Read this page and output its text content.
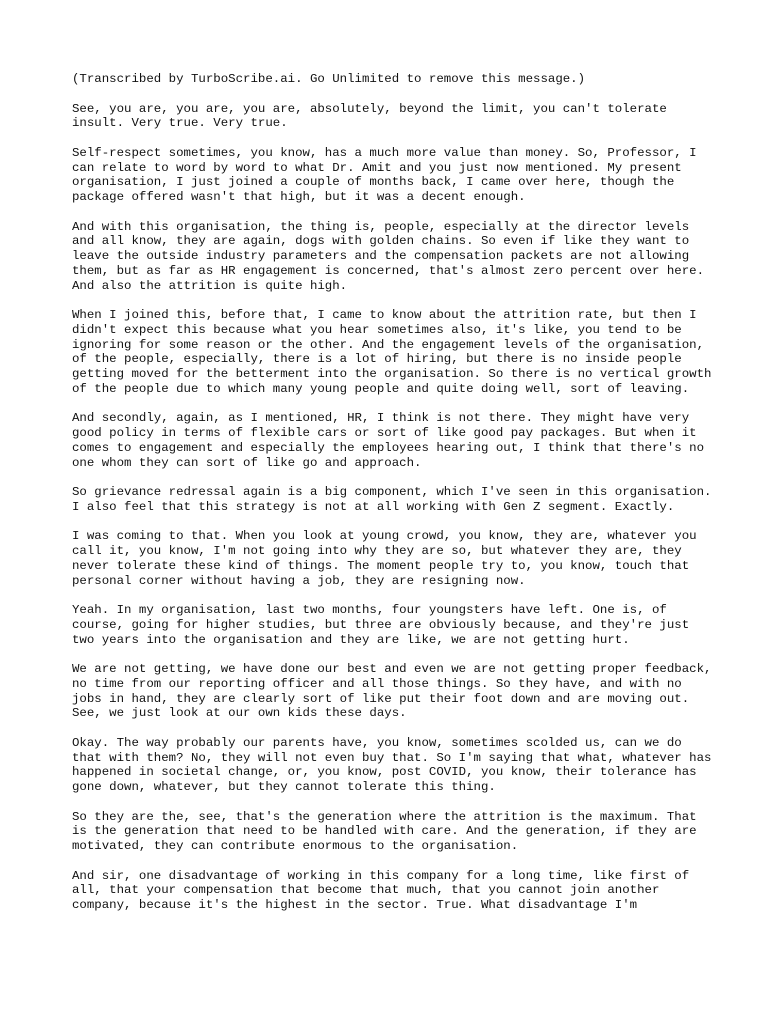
(Transcribed by TurboScribe.ai. Go Unlimited to remove this message.)

See, you are, you are, you are, absolutely, beyond the limit, you can't tolerate insult. Very true. Very true.

Self-respect sometimes, you know, has a much more value than money. So, Professor, I can relate to word by word to what Dr. Amit and you just now mentioned. My present organisation, I just joined a couple of months back, I came over here, though the package offered wasn't that high, but it was a decent enough.

And with this organisation, the thing is, people, especially at the director levels and all know, they are again, dogs with golden chains. So even if like they want to leave the outside industry parameters and the compensation packets are not allowing them, but as far as HR engagement is concerned, that's almost zero percent over here. And also the attrition is quite high.

When I joined this, before that, I came to know about the attrition rate, but then I didn't expect this because what you hear sometimes also, it's like, you tend to be ignoring for some reason or the other. And the engagement levels of the organisation, of the people, especially, there is a lot of hiring, but there is no inside people getting moved for the betterment into the organisation. So there is no vertical growth of the people due to which many young people and quite doing well, sort of leaving.

And secondly, again, as I mentioned, HR, I think is not there. They might have very good policy in terms of flexible cars or sort of like good pay packages. But when it comes to engagement and especially the employees hearing out, I think that there's no one whom they can sort of like go and approach.

So grievance redressal again is a big component, which I've seen in this organisation. I also feel that this strategy is not at all working with Gen Z segment. Exactly.

I was coming to that. When you look at young crowd, you know, they are, whatever you call it, you know, I'm not going into why they are so, but whatever they are, they never tolerate these kind of things. The moment people try to, you know, touch that personal corner without having a job, they are resigning now.

Yeah. In my organisation, last two months, four youngsters have left. One is, of course, going for higher studies, but three are obviously because, and they're just two years into the organisation and they are like, we are not getting hurt.

We are not getting, we have done our best and even we are not getting proper feedback, no time from our reporting officer and all those things. So they have, and with no jobs in hand, they are clearly sort of like put their foot down and are moving out. See, we just look at our own kids these days.

Okay. The way probably our parents have, you know, sometimes scolded us, can we do that with them? No, they will not even buy that. So I'm saying that what, whatever has happened in societal change, or, you know, post COVID, you know, their tolerance has gone down, whatever, but they cannot tolerate this thing.

So they are the, see, that's the generation where the attrition is the maximum. That is the generation that need to be handled with care. And the generation, if they are motivated, they can contribute enormous to the organisation.

And sir, one disadvantage of working in this company for a long time, like first of all, that your compensation that become that much, that you cannot join another company, because it's the highest in the sector. True. What disadvantage I'm
